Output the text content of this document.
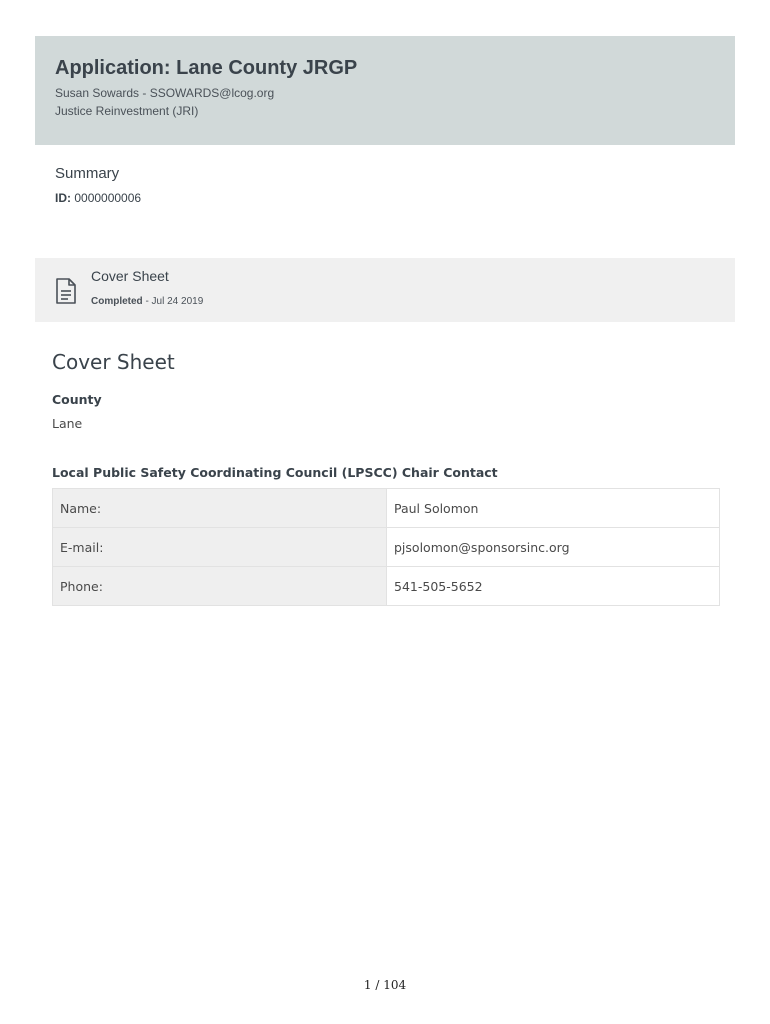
Application: Lane County JRGP
Susan Sowards - SSOWARDS@lcog.org
Justice Reinvestment (JRI)
Summary
ID: 0000000006
Cover Sheet
Completed - Jul 24 2019
Cover Sheet
County
Lane
Local Public Safety Coordinating Council (LPSCC) Chair Contact
Name:	Paul Solomon
E-mail:	pjsolomon@sponsorsinc.org
Phone:	541-505-5652
1 / 104
